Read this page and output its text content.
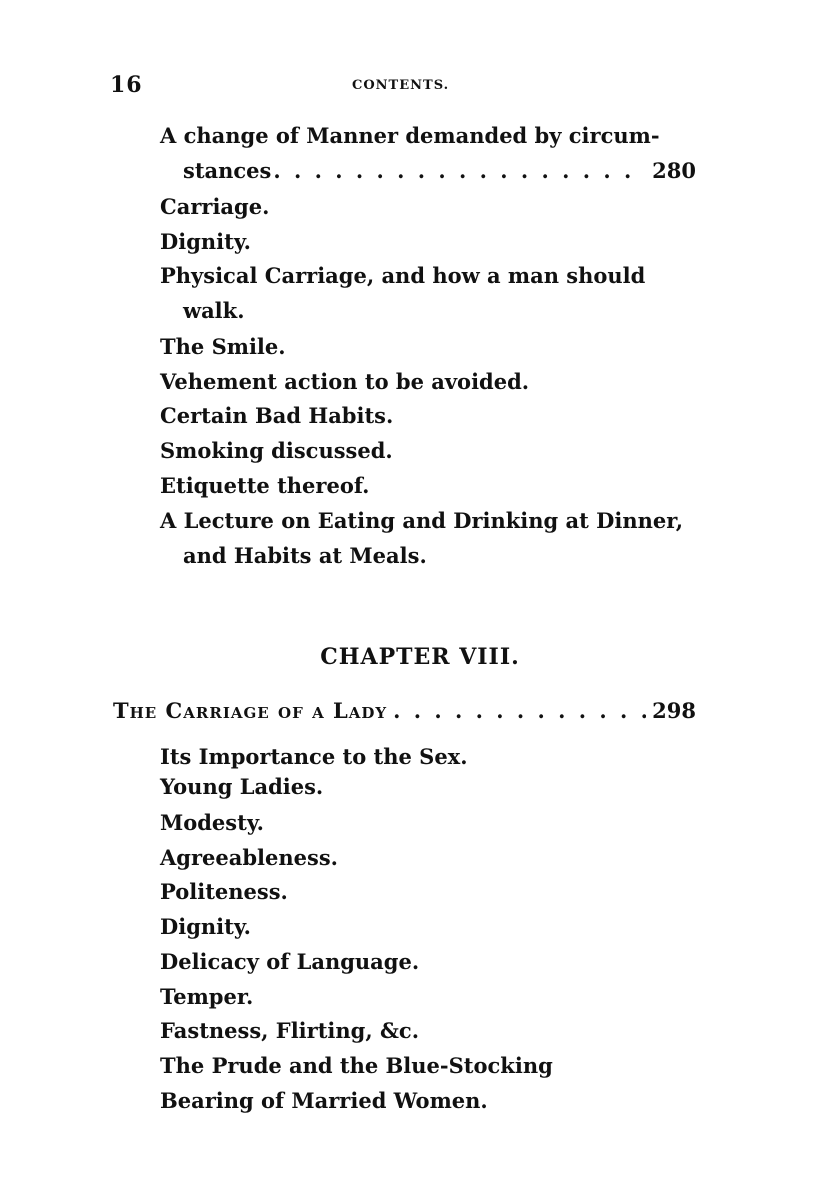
16	CONTENTS.
A change of Manner demanded by circum-
stances . . .	280
Carriage.
Dignity.
Physical Carriage, and how a man should
walk.
The Smile.
Vehement action to be avoided.
Certain Bad Habits.
Smoking discussed.
Etiquette thereof.
A Lecture on Eating and Drinking at Dinner,
and Habits at Meals.
CHAPTER VIII.
The Carriage of a Lady . . .	298
Its Importance to the Sex.
Young Ladies.
Modesty.
Agreeableness.
Politeness.
Dignity.
Delicacy of Language.
Temper.
Fastness, Flirting, &c.
The Prude and the Blue-Stocking
Bearing of Married Women.
